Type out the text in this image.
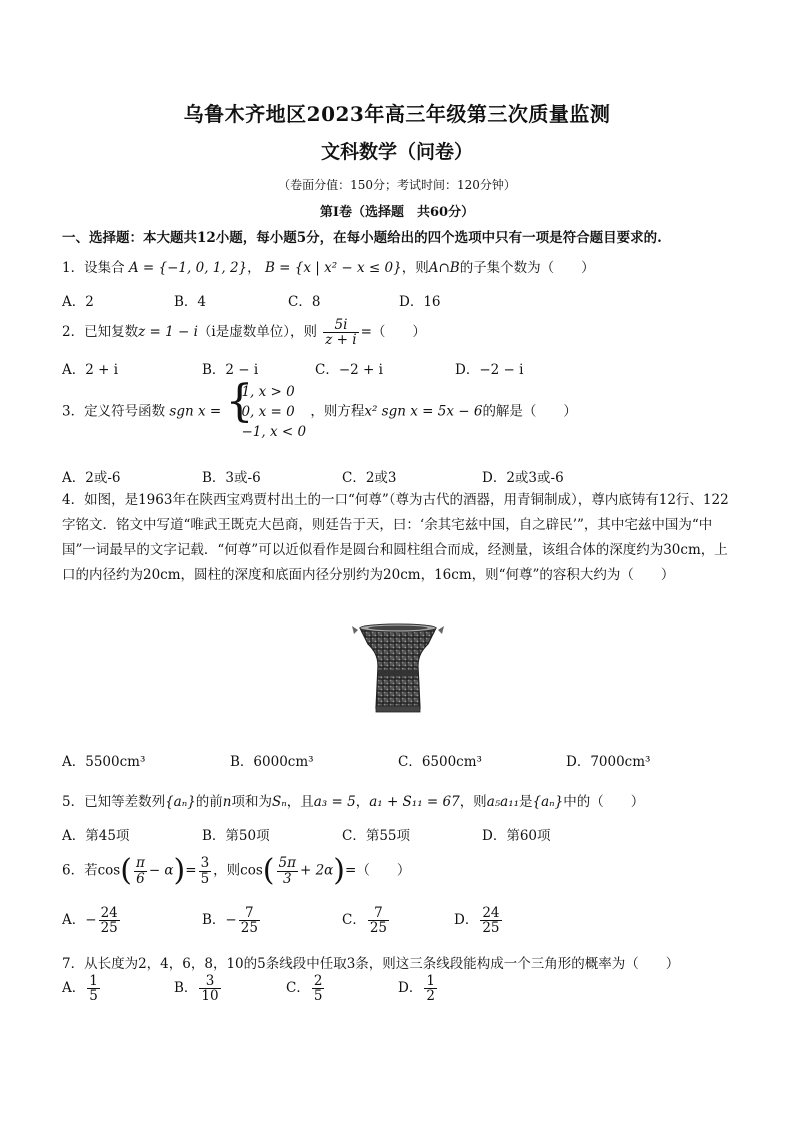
乌鲁木齐地区2023年高三年级第三次质量监测
文科数学（问卷）
（卷面分值：150分；考试时间：120分钟）
第Ⅰ卷（选择题　共60分）
一、选择题：本大题共12小题，每小题5分，在每小题给出的四个选项中只有一项是符合题目要求的.
1．设集合 A = {−1, 0, 1, 2}， B = {x | x² − x ≤ 0}，则A∩B的子集个数为（　　）
A．2	B．4	C．8	D．16
2．已知复数z = 1 − i（i是虚数单位），则 $\frac{5i}{z + i}$ =（　　）
A．2 + i	B．2 − i	C．−2 + i	D．−2 − i
3．定义符号函数 sgn x = {
1, x > 0
0, x = 0
−1, x < 0
，则方程x² sgn x = 5x − 6的解是（　　）
A．2或-6	B．3或-6	C．2或3	D．2或3或-6
4．如图，是1963年在陕西宝鸡贾村出土的一口“何尊”（尊为古代的酒器，用青铜制成），尊内底铸有12行、122字铭文．铭文中写道“唯武王既克大邑商，则廷告于天，曰：‘余其宅兹中国，自之辟民’”，其中宅兹中国为“中国”一词最早的文字记载．“何尊”可以近似看作是圆台和圆柱组合而成，经测量，该组合体的深度约为30cm，上口的内径约为20cm，圆柱的深度和底面内径分别约为20cm，16cm，则“何尊”的容积大约为（　　）
A．5500cm³	B．6000cm³	C．6500cm³	D．7000cm³
5．已知等差数列{aₙ}的前n项和为Sₙ，且a₃ = 5，a₁ + S₁₁ = 67，则a₅a₁₁是{aₙ}中的（　　）
A．第45项	B．第50项	C．第55项	D．第60项
6．若$\cos( \frac{\pi}{6} - \alpha)= \frac{3}{5}$ ，则$\cos( \frac{5\pi}{3} + 2\alpha)=$（　　）
A．− $\frac{24}{25}$	B．− $\frac{7}{25}$	C． $\frac{7}{25}$	D． $\frac{24}{25}$
7．从长度为2，4，6，8，10的5条线段中任取3条，则这三条线段能构成一个三角形的概率为（　　）
A． $\frac{1}{5}$	B． $\frac{3}{10}$	C． $\frac{2}{5}$	D． $\frac{1}{2}$
